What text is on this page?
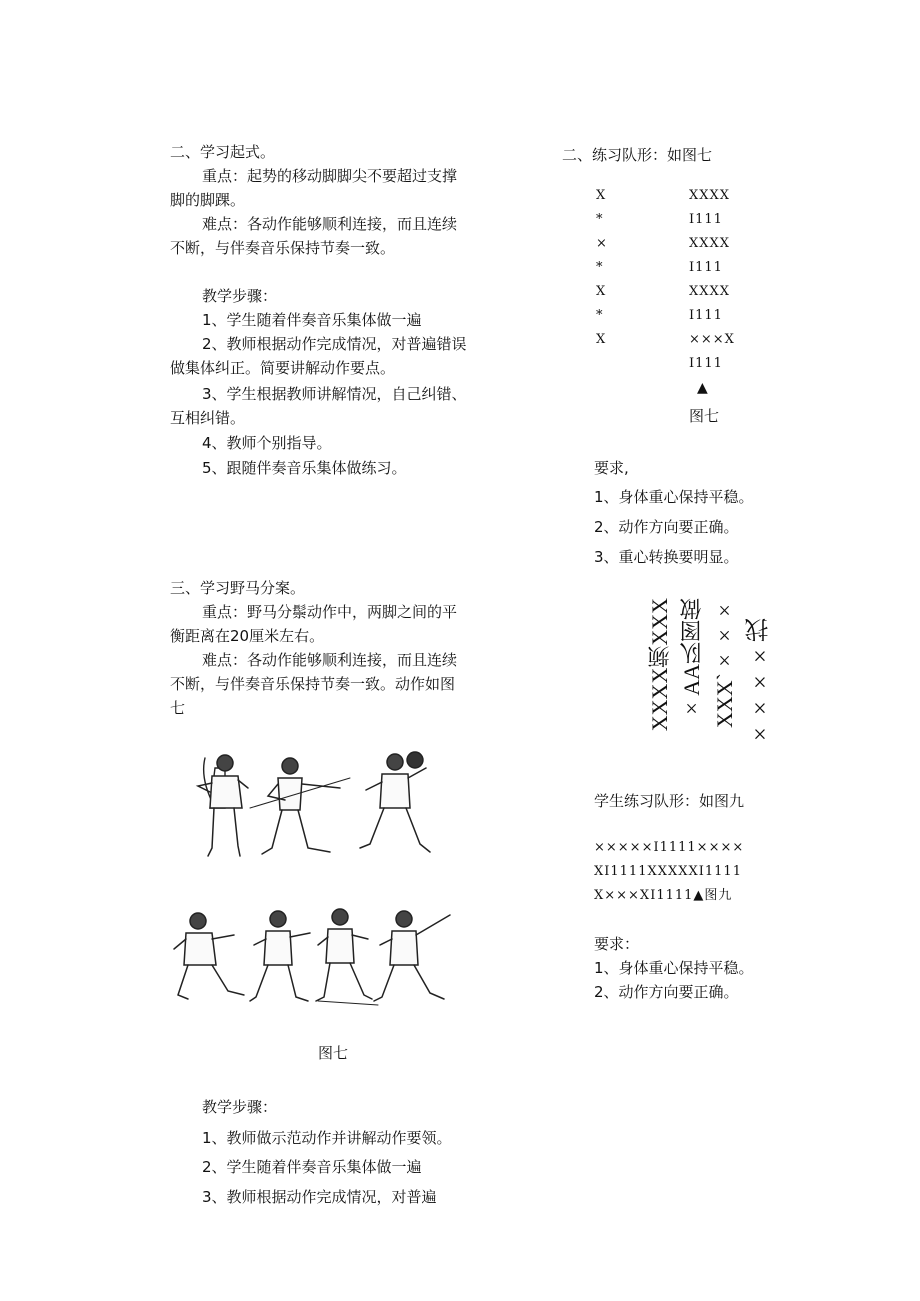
二、学习起式。
重点：起势的移动脚脚尖不要超过支撑
脚的脚踝。
难点：各动作能够顺利连接，而且连续
不断，与伴奏音乐保持节奏一致。
教学步骤：
1、学生随着伴奏音乐集体做一遍
2、教师根据动作完成情况，对普遍错误
做集体纠正。简要讲解动作要点。
3、学生根据教师讲解情况，自己纠错、
互相纠错。
4、教师个别指导。
5、跟随伴奏音乐集体做练习。
三、学习野马分案。
重点：野马分鬃动作中，两脚之间的平
衡距离在20厘米左右。
难点：各动作能够顺利连接，而且连续
不断，与伴奏音乐保持节奏一致。动作如图
七
图七
教学步骤：
1、教师做示范动作并讲解动作要领。
2、学生随着伴奏音乐集体做一遍
3、教师根据动作完成情况，对普遍
二、练习队形：如图七
X	XXXX
*	I111
×	XXXX
*	I111
X	XXXX
*	I111
X	×××X
I111
▲
图七
要求,
1、身体重心保持平稳。
2、动作方向要正确。
3、重心转换要明显。
XXXX频XXX ×AA队图做 XXX`××× ××××找
学生练习队形：如图九
×××××I1111××××
XI1111XXXXXI1111
X×××XI1111▲图九
要求：
1、身体重心保持平稳。
2、动作方向要正确。
